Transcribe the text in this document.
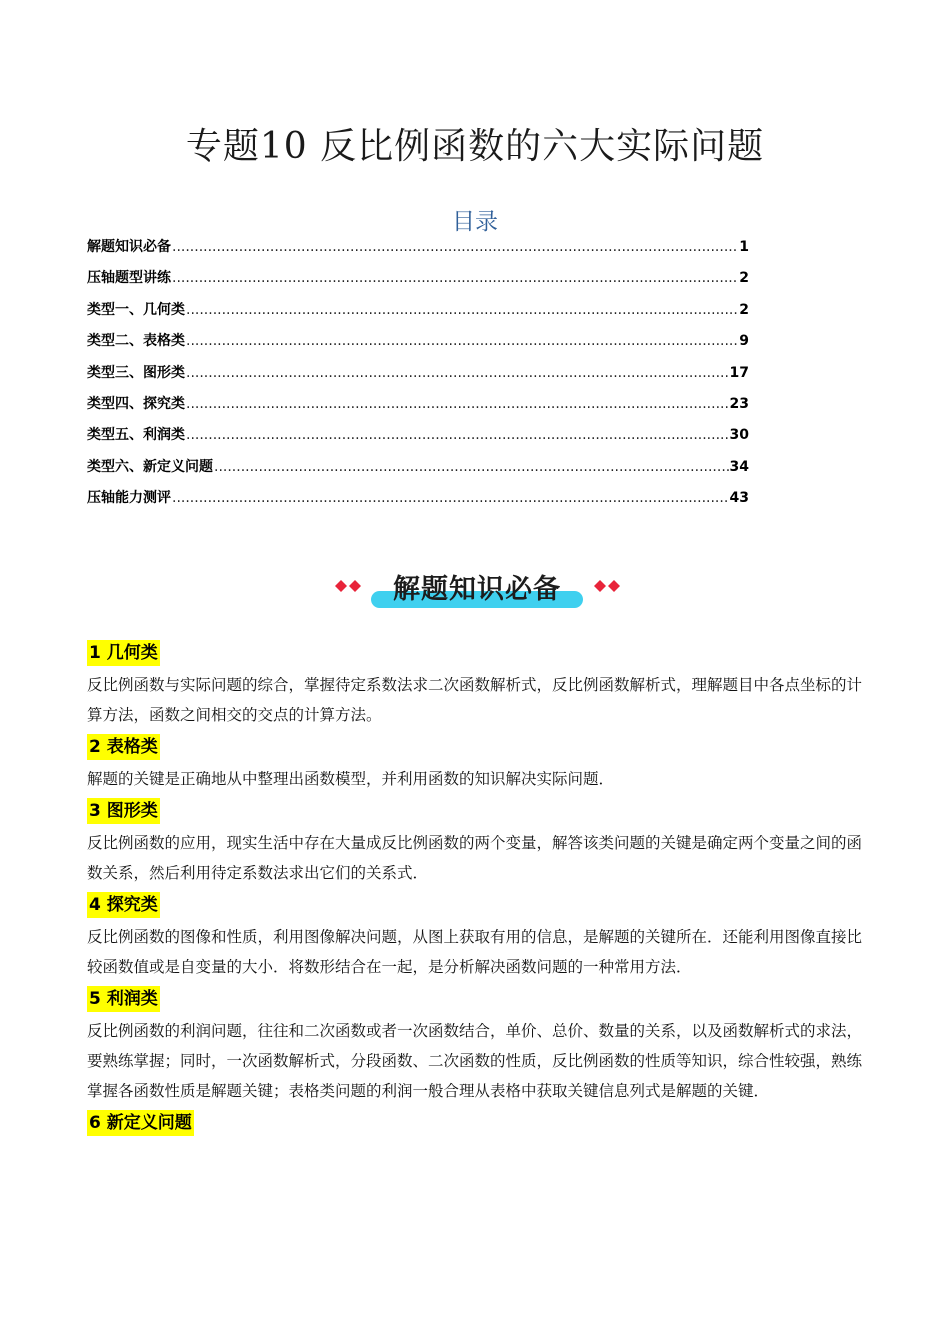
专题10 反比例函数的六大实际问题
目录
解题知识必备 .....	1
压轴题型讲练 .....	2
类型一、几何类 .....	2
类型二、表格类 .....	9
类型三、图形类 .....	17
类型四、探究类 .....	23
类型五、利润类 .....	30
类型六、新定义问题 .....	34
压轴能力测评 .....	43
解题知识必备
1 几何类
反比例函数与实际问题的综合，掌握待定系数法求二次函数解析式，反比例函数解析式，理解题目中各点坐标的计算方法，函数之间相交的交点的计算方法。
2 表格类
解题的关键是正确地从中整理出函数模型，并利用函数的知识解决实际问题．
3 图形类
反比例函数的应用，现实生活中存在大量成反比例函数的两个变量，解答该类问题的关键是确定两个变量之间的函数关系，然后利用待定系数法求出它们的关系式．
4 探究类
反比例函数的图像和性质，利用图像解决问题，从图上获取有用的信息，是解题的关键所在．还能利用图像直接比较函数值或是自变量的大小．将数形结合在一起，是分析解决函数问题的一种常用方法．
5 利润类
反比例函数的利润问题，往往和二次函数或者一次函数结合，单价、总价、数量的关系，以及函数解析式的求法，要熟练掌握；同时，一次函数解析式，分段函数、二次函数的性质，反比例函数的性质等知识，综合性较强，熟练掌握各函数性质是解题关键；表格类问题的利润一般合理从表格中获取关键信息列式是解题的关键．
6 新定义问题
